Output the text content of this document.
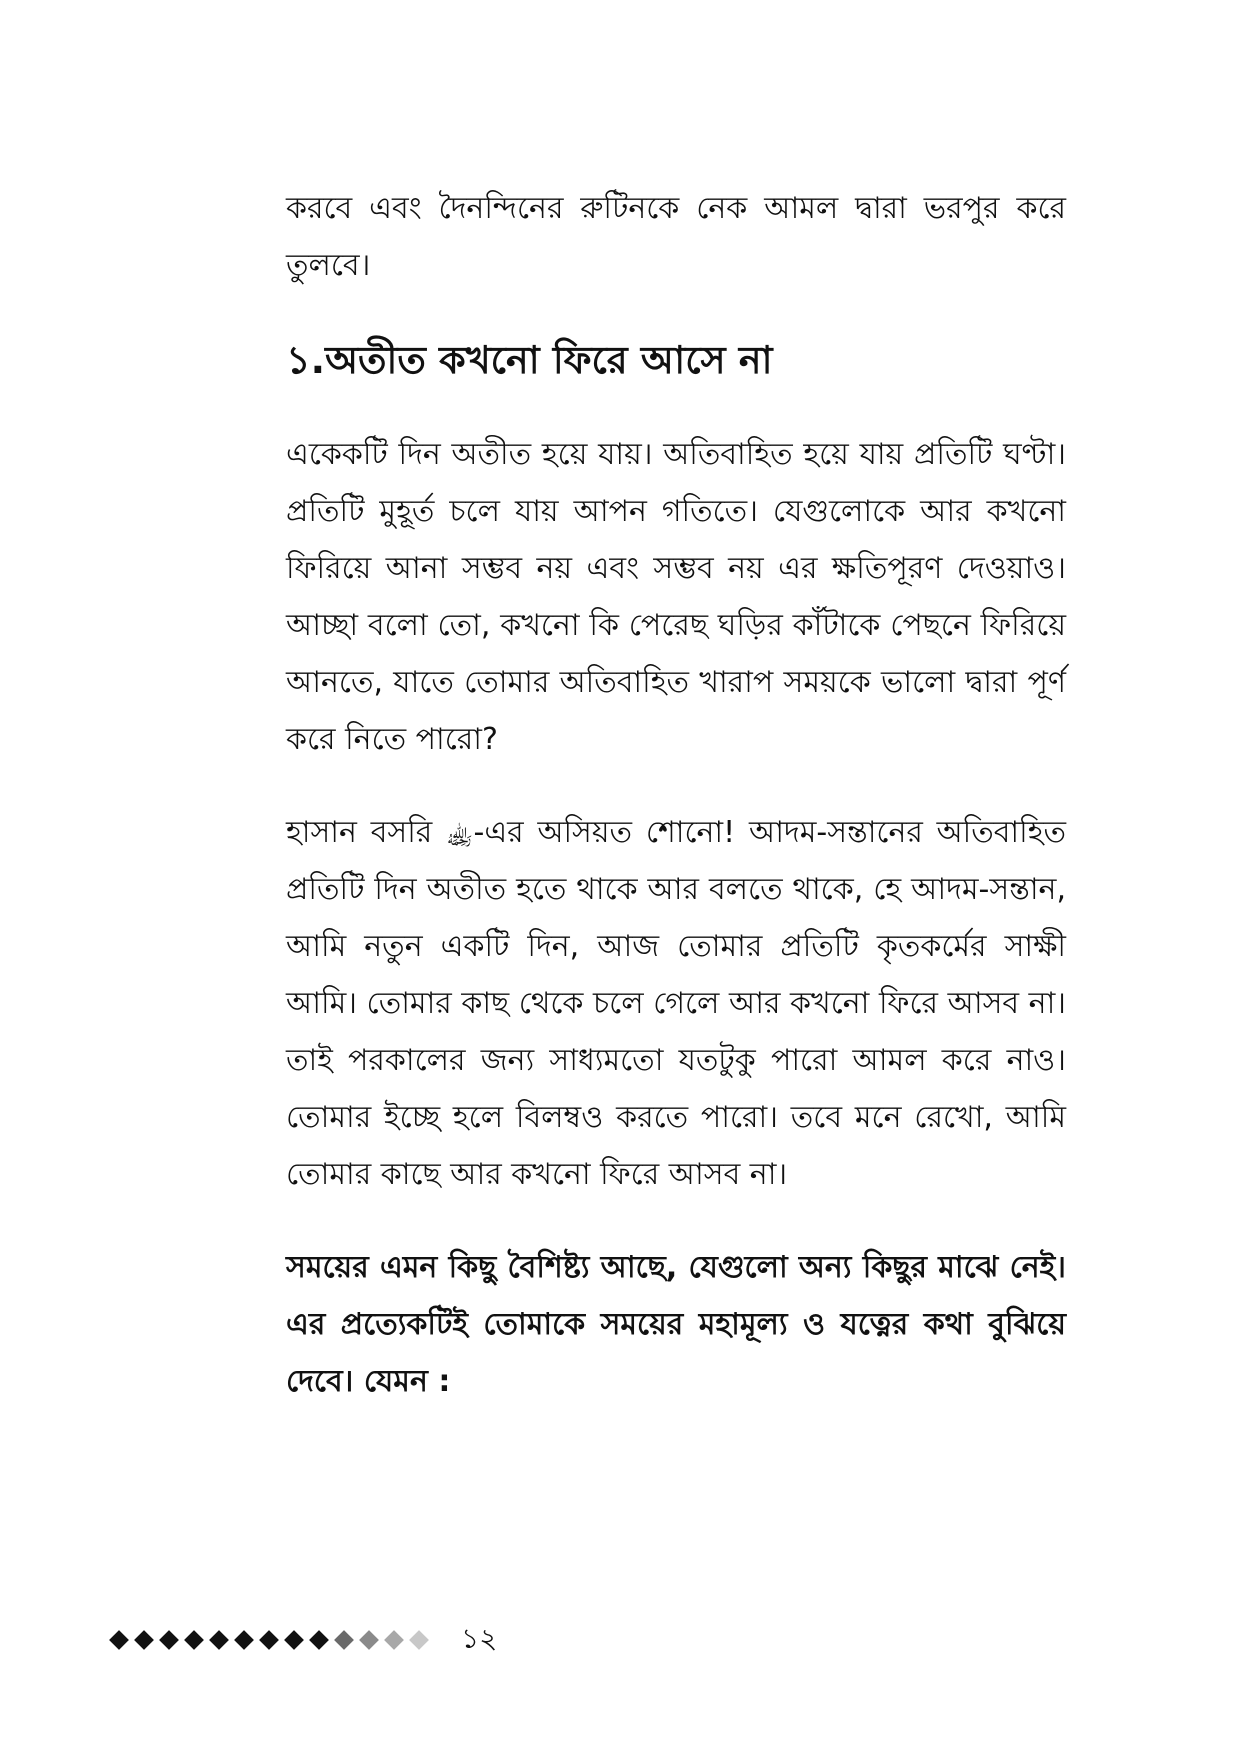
করবে এবং দৈনন্দিনের রুটিনকে নেক আমল দ্বারা ভরপুর করে তুলবে।

১.অতীত কখনো ফিরে আসে না

একেকটি দিন অতীত হয়ে যায়। অতিবাহিত হয়ে যায় প্রতিটি ঘণ্টা। প্রতিটি মুহূর্ত চলে যায় আপন গতিতে। যেগুলোকে আর কখনো ফিরিয়ে আনা সম্ভব নয় এবং সম্ভব নয় এর ক্ষতিপূরণ দেওয়াও। আচ্ছা বলো তো, কখনো কি পেরেছ ঘড়ির কাঁটাকে পেছনে ফিরিয়ে আনতে, যাতে তোমার অতিবাহিত খারাপ সময়কে ভালো দ্বারা পূর্ণ করে নিতে পারো?

হাসান বসরি ﵀-এর অসিয়ত শোনো! আদম-সন্তানের অতিবাহিত প্রতিটি দিন অতীত হতে থাকে আর বলতে থাকে, হে আদম-সন্তান, আমি নতুন একটি দিন, আজ তোমার প্রতিটি কৃতকর্মের সাক্ষী আমি। তোমার কাছ থেকে চলে গেলে আর কখনো ফিরে আসব না। তাই পরকালের জন্য সাধ্যমতো যতটুকু পারো আমল করে নাও। তোমার ইচ্ছে হলে বিলম্বও করতে পারো। তবে মনে রেখো, আমি তোমার কাছে আর কখনো ফিরে আসব না।

সময়ের এমন কিছু বৈশিষ্ট্য আছে, যেগুলো অন্য কিছুর মাঝে নেই। এর প্রত্যেকটিই তোমাকে সময়ের মহামূল্য ও যত্নের কথা বুঝিয়ে দেবে। যেমন :

১২
